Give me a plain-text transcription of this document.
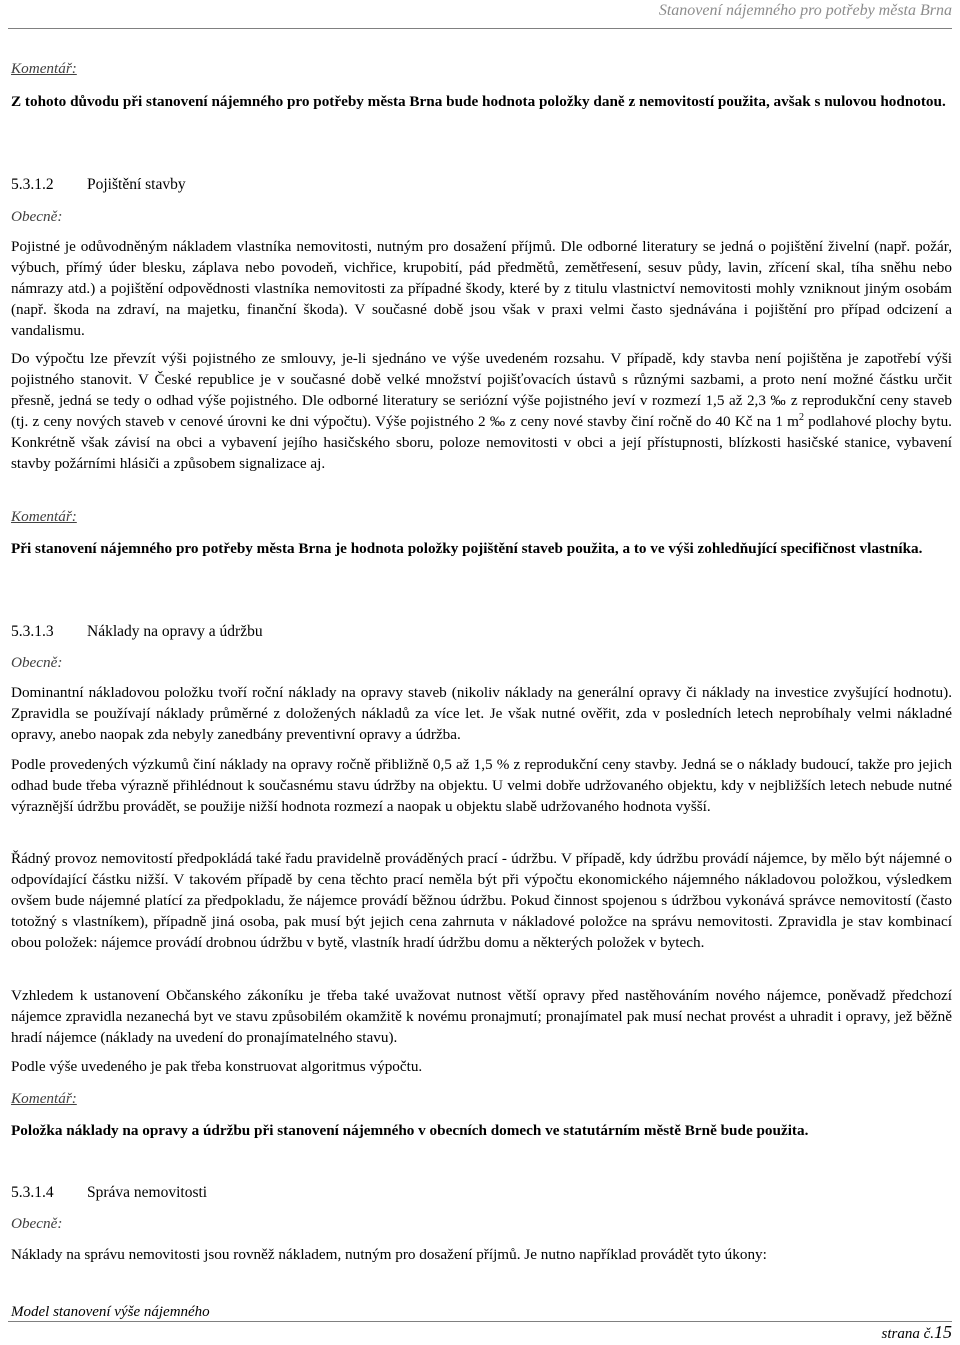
Stanovení nájemného pro potřeby města Brna
Komentář:

Z tohoto důvodu při stanovení nájemného pro potřeby města Brna bude hodnota položky daně z nemovitostí použita, avšak s nulovou hodnotou.

5.3.1.2 Pojištění stavby
Obecně:

Pojistné je odůvodněným nákladem vlastníka nemovitosti, nutným pro dosažení příjmů. Dle odborné literatury se jedná o pojištění živelní (např. požár, výbuch, přímý úder blesku, záplava nebo povodeň, vichřice, krupobití, pád předmětů, zemětřesení, sesuv půdy, lavin, zřícení skal, tíha sněhu nebo námrazy atd.) a pojištění odpovědnosti vlastníka nemovitosti za případné škody, které by z titulu vlastnictví nemovitosti mohly vzniknout jiným osobám (např. škoda na zdraví, na majetku, finanční škoda). V současné době jsou však v praxi velmi často sjednávána i pojištění pro případ odcizení a vandalismu.

Do výpočtu lze převzít výši pojistného ze smlouvy, je-li sjednáno ve výše uvedeném rozsahu. V případě, kdy stavba není pojištěna je zapotřebí výši pojistného stanovit. V České republice je v současné době velké množství pojišťovacích ústavů s různými sazbami, a proto není možné částku určit přesně, jedná se tedy o odhad výše pojistného. Dle odborné literatury se seriózní výše pojistného jeví v rozmezí 1,5 až 2,3 ‰ z reprodukční ceny staveb (tj. z ceny nových staveb v cenové úrovni ke dni výpočtu). Výše pojistného 2 ‰ z ceny nové stavby činí ročně do 40 Kč na 1 $m^2$ podlahové plochy bytu. Konkrétně však závisí na obci a vybavení jejího hasičského sboru, poloze nemovitosti v obci a její přístupnosti, blízkosti hasičské stanice, vybavení stavby požárními hlásiči a způsobem signalizace aj.

Komentář:

Při stanovení nájemného pro potřeby města Brna je hodnota položky pojištění staveb použita, a to ve výši zohledňující specifičnost vlastníka.

5.3.1.3 Náklady na opravy a údržbu
Obecně:

Dominantní nákladovou položku tvoří roční náklady na opravy staveb (nikoliv náklady na generální opravy či náklady na investice zvyšující hodnotu). Zpravidla se používají náklady průměrné z doložených nákladů za více let. Je však nutné ověřit, zda v posledních letech neprobíhaly velmi nákladné opravy, anebo naopak zda nebyly zanedbány preventivní opravy a údržba.

Podle provedených výzkumů činí náklady na opravy ročně přibližně 0,5 až 1,5 % z reprodukční ceny stavby. Jedná se o náklady budoucí, takže pro jejich odhad bude třeba výrazně přihlédnout k současnému stavu údržby na objektu. U velmi dobře udržovaného objektu, kdy v nejbližších letech nebude nutné výraznější údržbu provádět, se použije nižší hodnota rozmezí a naopak u objektu slabě udržovaného hodnota vyšší.

Řádný provoz nemovitostí předpokládá také řadu pravidelně prováděných prací - údržbu. V případě, kdy údržbu provádí nájemce, by mělo být nájemné o odpovídající částku nižší. V takovém případě by cena těchto prací neměla být při výpočtu ekonomického nájemného nákladovou položkou, výsledkem ovšem bude nájemné platící za předpokladu, že nájemce provádí běžnou údržbu. Pokud činnost spojenou s údržbou vykonává správce nemovitostí (často totožný s vlastníkem), případně jiná osoba, pak musí být jejich cena zahrnuta v nákladové položce na správu nemovitosti. Zpravidla je stav kombinací obou položek: nájemce provádí drobnou údržbu v bytě, vlastník hradí údržbu domu a některých položek v bytech.

Vzhledem k ustanovení Občanského zákoníku je třeba také uvažovat nutnost větší opravy před nastěhováním nového nájemce, poněvadž předchozí nájemce zpravidla nezanechá byt ve stavu způsobilém okamžitě k novému pronajmutí; pronajímatel pak musí nechat provést a uhradit i opravy, jež běžně hradí nájemce (náklady na uvedení do pronajímatelného stavu).

Podle výše uvedeného je pak třeba konstruovat algoritmus výpočtu.

Komentář:

Položka náklady na opravy a údržbu při stanovení nájemného v obecních domech ve statutárním městě Brně bude použita.

5.3.1.4 Správa nemovitosti
Obecně:

Náklady na správu nemovitosti jsou rovněž nákladem, nutným pro dosažení příjmů. Je nutno například provádět tyto úkony:

Model stanovení výše nájemného
strana č.15
